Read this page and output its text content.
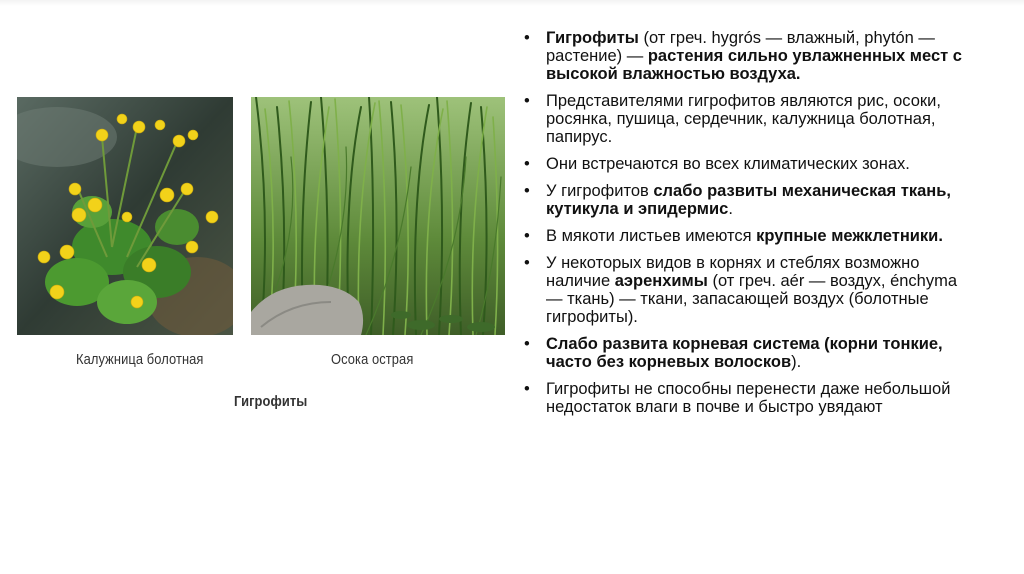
Калужница болотная	Осока острая
Гигрофиты
• Гигрофиты (от греч. hygrós — влажный, phytón — растение) — растения сильно увлажненных мест с высокой влажностью воздуха.
• Представителями гигрофитов являются рис, осоки, росянка, пушица, сердечник, калужница болотная, папирус.
• Они встречаются во всех климатических зонах.
• У гигрофитов слабо развиты механическая ткань, кутикула и эпидермис.
• В мякоти листьев имеются крупные межклетники.
• У некоторых видов в корнях и стеблях возможно наличие аэренхимы (от греч. aér — воздух, énchyma — ткань) — ткани, запасающей воздух (болотные гигрофиты).
• Слабо развита корневая система (корни тонкие, часто без корневых волосков).
• Гигрофиты не способны перенести даже небольшой недостаток влаги в почве и быстро увядают
